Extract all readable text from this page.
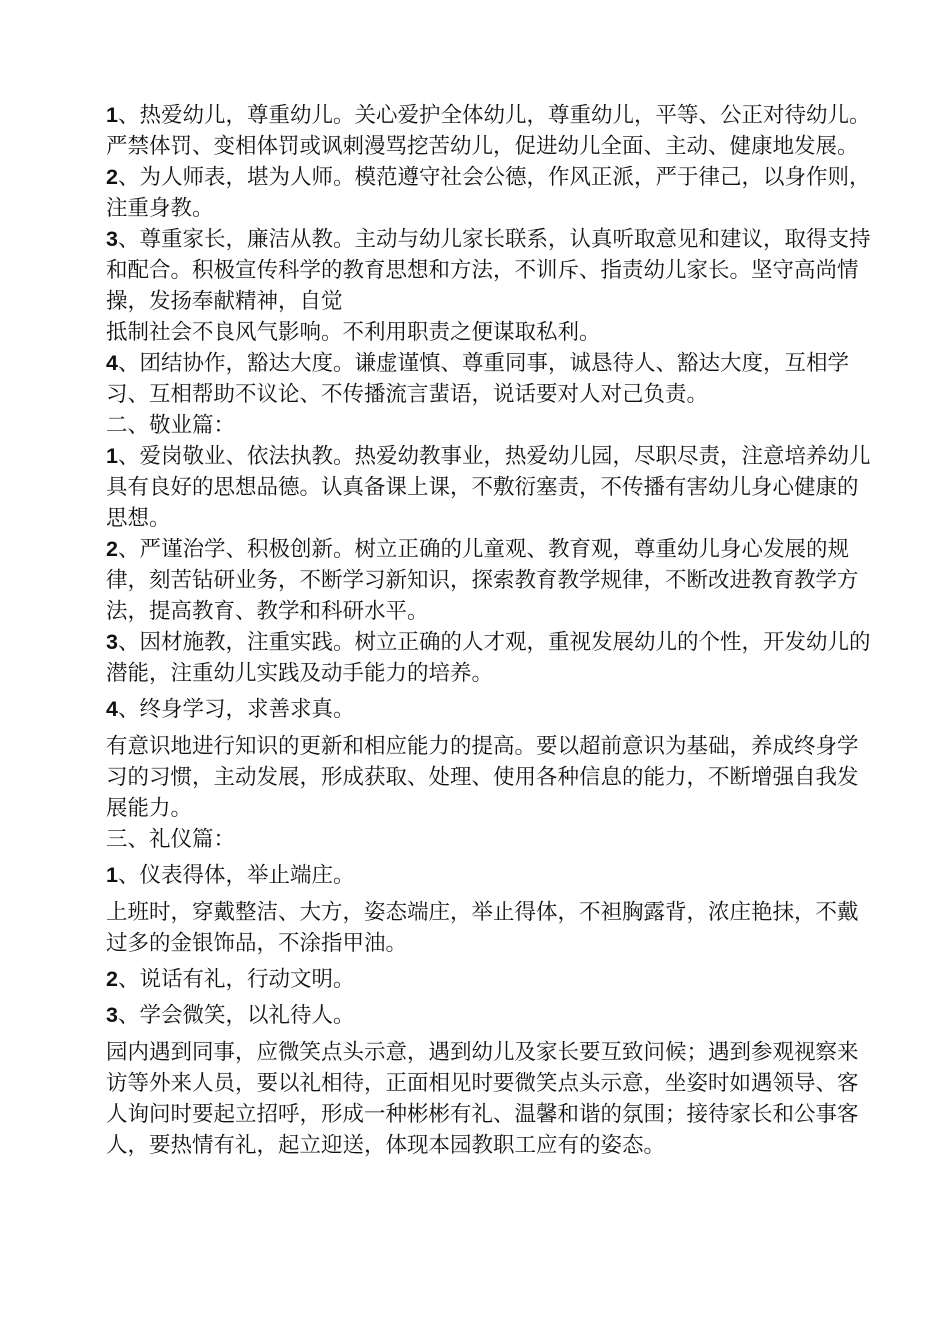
1、热爱幼儿，尊重幼儿。关心爱护全体幼儿，尊重幼儿，平等、公正对待幼儿。严禁体罚、变相体罚或讽刺漫骂挖苦幼儿，促进幼儿全面、主动、健康地发展。

2、为人师表，堪为人师。模范遵守社会公德，作风正派，严于律己，以身作则，注重身教。

3、尊重家长，廉洁从教。主动与幼儿家长联系，认真听取意见和建议，取得支持和配合。积极宣传科学的教育思想和方法，不训斥、指责幼儿家长。坚守高尚情操，发扬奉献精神，自觉

抵制社会不良风气影响。不利用职责之便谋取私利。

4、团结协作，豁达大度。谦虚谨慎、尊重同事，诚恳待人、豁达大度，互相学习、互相帮助不议论、不传播流言蜚语，说话要对人对己负责。

二、敬业篇：

1、爱岗敬业、依法执教。热爱幼教事业，热爱幼儿园，尽职尽责，注意培养幼儿具有良好的思想品德。认真备课上课，不敷衍塞责，不传播有害幼儿身心健康的思想。

2、严谨治学、积极创新。树立正确的儿童观、教育观，尊重幼儿身心发展的规律，刻苦钻研业务，不断学习新知识，探索教育教学规律，不断改进教育教学方法，提高教育、教学和科研水平。

3、因材施教，注重实践。树立正确的人才观，重视发展幼儿的个性，开发幼儿的潜能，注重幼儿实践及动手能力的培养。

4、终身学习，求善求真。

有意识地进行知识的更新和相应能力的提高。要以超前意识为基础，养成终身学习的习惯，主动发展，形成获取、处理、使用各种信息的能力，不断增强自我发展能力。

三、礼仪篇：

1、仪表得体，举止端庄。

上班时，穿戴整洁、大方，姿态端庄，举止得体，不袒胸露背，浓庄艳抹，不戴过多的金银饰品，不涂指甲油。

2、说话有礼，行动文明。

3、学会微笑，以礼待人。

园内遇到同事，应微笑点头示意，遇到幼儿及家长要互致问候；遇到参观视察来访等外来人员，要以礼相待，正面相见时要微笑点头示意，坐姿时如遇领导、客人询问时要起立招呼，形成一种彬彬有礼、温馨和谐的氛围；接待家长和公事客人，要热情有礼，起立迎送，体现本园教职工应有的姿态。
